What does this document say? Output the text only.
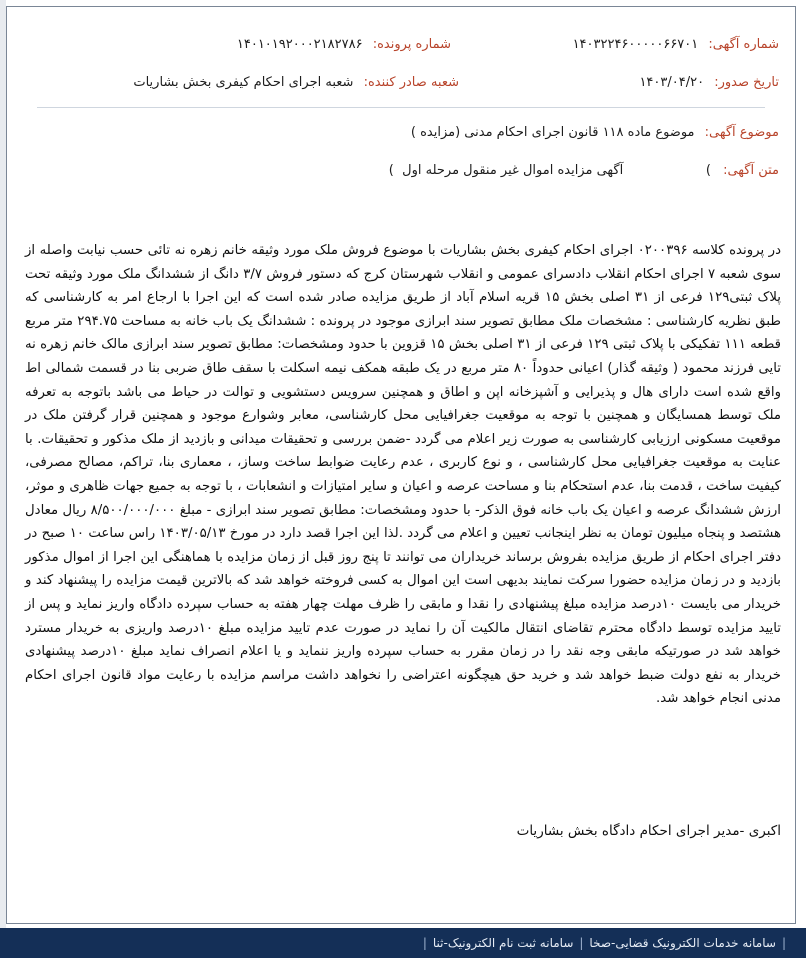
شماره آگهی: ۱۴۰۳۲۲۴۶۰۰۰۰۰۶۶۷۰۱
شماره پرونده: ۱۴۰۱۰۱۹۲۰۰۰۲۱۸۲۷۸۶
تاریخ صدور: ۱۴۰۳/۰۴/۲۰
شعبه صادر کننده: شعبه اجرای احکام کیفری بخش بشاریات
موضوع آگهی: موضوع ماده ۱۱۸ قانون اجرای احکام مدنی (مزایده )
متن آگهی: )                    آگهی مزایده اموال غیر منقول مرحله اول  )
در پرونده کلاسه ۰۲۰۰۳۹۶ اجرای احکام کیفری بخش بشاریات با موضوع فروش ملک مورد وثیقه خانم زهره نه تائی حسب نیابت واصله از سوی شعبه ۷ اجرای احکام انقلاب دادسرای عمومی و انقلاب شهرستان کرج که دستور فروش ۳/۷ دانگ از ششدانگ ملک مورد وثیقه تحت پلاک ثبتی۱۲۹ فرعی از ۳۱ اصلی بخش ۱۵ قریه اسلام آباد از طریق مزایده صادر شده است که این اجرا با ارجاع امر به کارشناسی که طبق نظریه کارشناسی : مشخصات ملک مطابق تصویر سند ابرازی موجود در پرونده : ششدانگ یک باب خانه به مساحت ۲۹۴.۷۵ متر مربع قطعه ۱۱۱ تفکیکی با پلاک ثبتی ۱۲۹ فرعی از ۳۱ اصلی بخش ۱۵ قزوین با حدود ومشخصات: مطابق تصویر سند ابرازی مالک خانم زهره نه تایی فرزند محمود ( وثیقه گذار) اعیانی حدوداً ۸۰ متر مربع در یک طبقه همکف نیمه اسکلت با سقف طاق ضربی بنا در قسمت شمالی اط واقع شده است دارای هال و پذیرایی و آشپزخانه اپن و اطاق و همچنین سرویس دستشویی و توالت در حیاط می باشد باتوجه به تعرفه ملک توسط همسایگان و همچنین با توجه به موقعیت جغرافیایی محل کارشناسی، معابر وشوارع موجود و همچنین قرار گرفتن ملک در موقعیت مسکونی ارزیابی کارشناسی به صورت زیر اعلام می گردد -ضمن بررسی و تحقیقات میدانی و بازدید از ملک مذکور و تحقیقات. با عنایت به موقعیت جغرافیایی محل کارشناسی ، و نوع کاربری ، عدم رعایت ضوابط ساخت وساز، ، معماری بنا، تراکم، مصالح مصرفی، کیفیت ساخت ، قدمت بنا، عدم استحکام بنا و مساحت عرصه و اعیان و سایر امتیازات و انشعابات ، با توجه به جمیع جهات ظاهری و موثر، ارزش ششدانگ عرصه و اعیان یک باب خانه فوق الذکر- با حدود ومشخصات: مطابق تصویر سند ابرازی - مبلغ ۸/۵۰۰/۰۰۰/۰۰۰ ریال معادل هشتصد و پنجاه میلیون تومان به نظر اینجانب تعیین و اعلام می گردد .لذا این اجرا قصد دارد در مورخ ۱۴۰۳/۰۵/۱۳ راس ساعت ۱۰ صبح در دفتر اجرای احکام از طریق مزایده بفروش برساند خریداران می توانند تا پنج روز قبل از زمان مزایده با هماهنگی این اجرا از اموال مذکور بازدید و در زمان مزایده حضورا سرکت نمایند بدیهی است این اموال به کسی فروخته خواهد شد که بالاترین قیمت مزایده را پیشنهاد کند و خریدار می بایست ۱۰درصد مزایده مبلغ پیشنهادی را نقدا و مابقی را ظرف مهلت چهار هفته به حساب سپرده دادگاه واریز نماید و پس از تایید مزایده توسط دادگاه محترم تقاضای انتقال مالکیت آن را نماید در صورت عدم تایید مزایده مبلغ ۱۰درصد واریزی به خریدار مسترد خواهد شد در صورتیکه مابقی وجه نقد را در زمان مقرر به حساب سپرده واریز ننماید و یا اعلام انصراف نماید مبلغ ۱۰درصد پیشنهادی خریدار به نفع دولت ضبط خواهد شد و خرید حق هیچگونه اعتراضی را نخواهد داشت مراسم مزایده با رعایت مواد قانون اجرای احکام مدنی انجام خواهد شد.
اکبری -مدیر اجرای احکام دادگاه بخش بشاریات
|
سامانه خدمات الکترونیک قضایی-صخا
|
سامانه ثبت نام الکترونیک-ثنا
|
